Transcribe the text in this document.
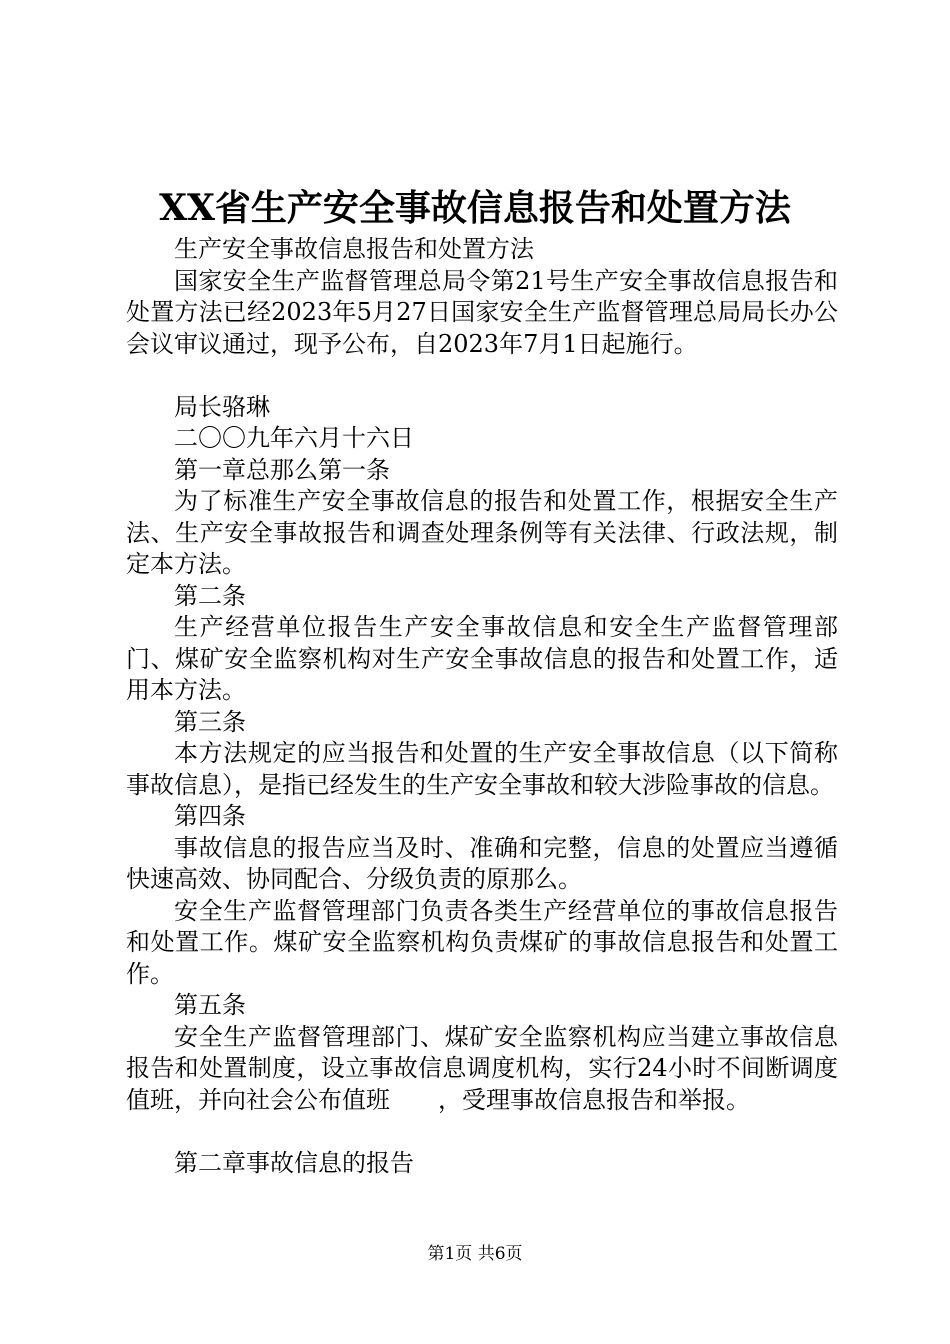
XX省生产安全事故信息报告和处置方法

生产安全事故信息报告和处置方法

国家安全生产监督管理总局令第21号生产安全事故信息报告和处置方法已经2023年5月27日国家安全生产监督管理总局局长办公会议审议通过，现予公布，自2023年7月1日起施行。

局长骆琳

二〇〇九年六月十六日

第一章总那么第一条

为了标准生产安全事故信息的报告和处置工作，根据安全生产法、生产安全事故报告和调查处理条例等有关法律、行政法规，制定本方法。

第二条

生产经营单位报告生产安全事故信息和安全生产监督管理部门、煤矿安全监察机构对生产安全事故信息的报告和处置工作，适用本方法。

第三条

本方法规定的应当报告和处置的生产安全事故信息（以下简称事故信息），是指已经发生的生产安全事故和较大涉险事故的信息。

第四条

事故信息的报告应当及时、准确和完整，信息的处置应当遵循快速高效、协同配合、分级负责的原那么。

安全生产监督管理部门负责各类生产经营单位的事故信息报告和处置工作。煤矿安全监察机构负责煤矿的事故信息报告和处置工作。

第五条

安全生产监督管理部门、煤矿安全监察机构应当建立事故信息报告和处置制度，设立事故信息调度机构，实行24小时不间断调度值班，并向社会公布值班　　，受理事故信息报告和举报。

第二章事故信息的报告

第1页 共6页
